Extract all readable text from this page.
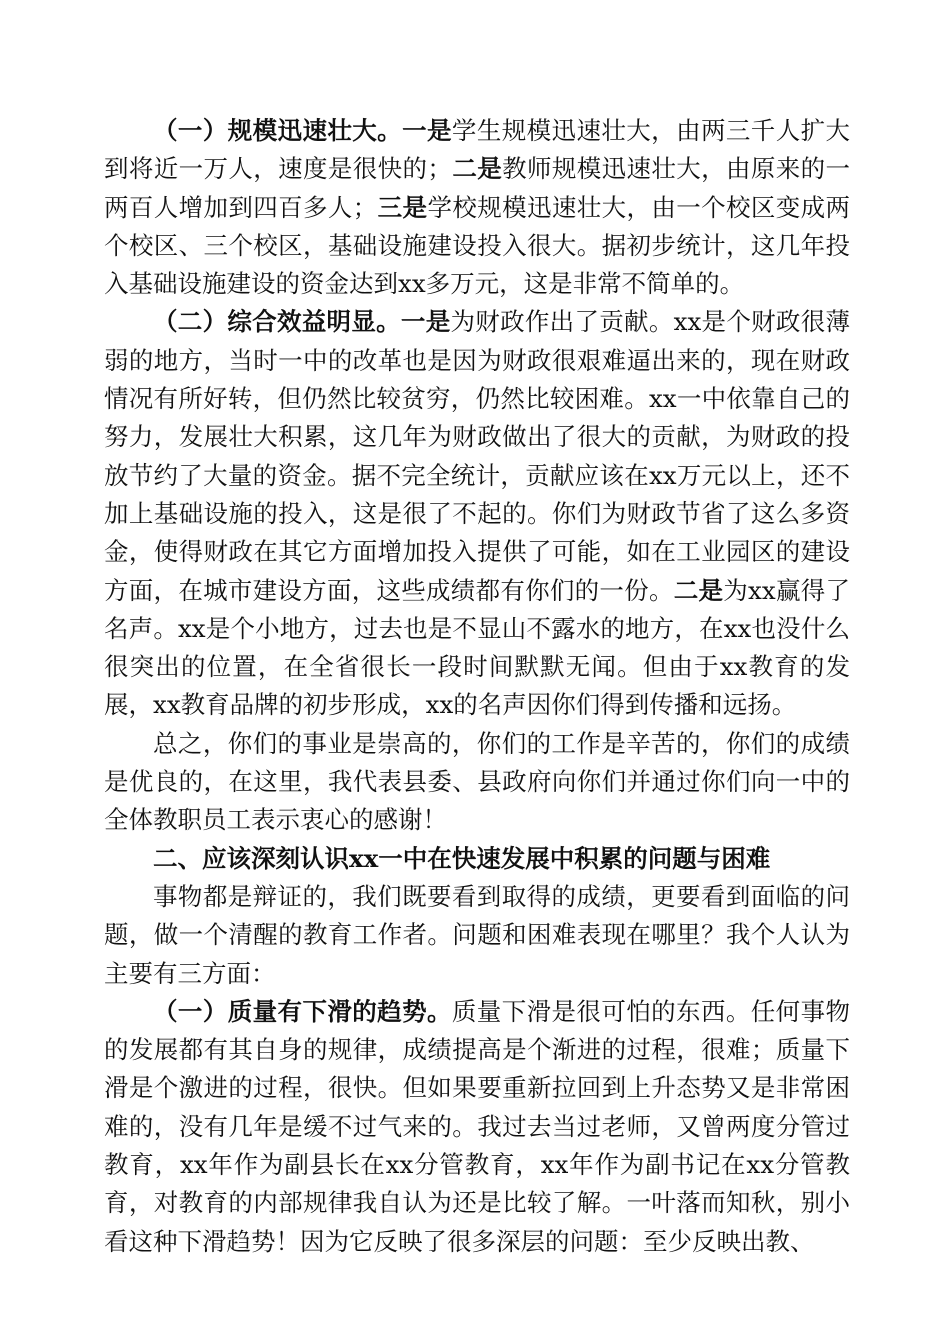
（一）规模迅速壮大。一是学生规模迅速壮大，由两三千人扩大到将近一万人，速度是很快的；二是教师规模迅速壮大，由原来的一两百人增加到四百多人；三是学校规模迅速壮大，由一个校区变成两个校区、三个校区，基础设施建设投入很大。据初步统计，这几年投入基础设施建设的资金达到xx多万元，这是非常不简单的。

（二）综合效益明显。一是为财政作出了贡献。xx是个财政很薄弱的地方，当时一中的改革也是因为财政很艰难逼出来的，现在财政情况有所好转，但仍然比较贫穷，仍然比较困难。xx一中依靠自己的努力，发展壮大积累，这几年为财政做出了很大的贡献，为财政的投放节约了大量的资金。据不完全统计，贡献应该在xx万元以上，还不加上基础设施的投入，这是很了不起的。你们为财政节省了这么多资金，使得财政在其它方面增加投入提供了可能，如在工业园区的建设方面，在城市建设方面，这些成绩都有你们的一份。二是为xx赢得了名声。xx是个小地方，过去也是不显山不露水的地方，在xx也没什么很突出的位置，在全省很长一段时间默默无闻。但由于xx教育的发展，xx教育品牌的初步形成，xx的名声因你们得到传播和远扬。

总之，你们的事业是崇高的，你们的工作是辛苦的，你们的成绩是优良的，在这里，我代表县委、县政府向你们并通过你们向一中的全体教职员工表示衷心的感谢！

二、应该深刻认识xx一中在快速发展中积累的问题与困难

事物都是辩证的，我们既要看到取得的成绩，更要看到面临的问题，做一个清醒的教育工作者。问题和困难表现在哪里？我个人认为主要有三方面：

（一）质量有下滑的趋势。质量下滑是很可怕的东西。任何事物的发展都有其自身的规律，成绩提高是个渐进的过程，很难；质量下滑是个激进的过程，很快。但如果要重新拉回到上升态势又是非常困难的，没有几年是缓不过气来的。我过去当过老师，又曾两度分管过教育，xx年作为副县长在xx分管教育，xx年作为副书记在xx分管教育，对教育的内部规律我自认为还是比较了解。一叶落而知秋，别小看这种下滑趋势！因为它反映了很多深层的问题：至少反映出教、
